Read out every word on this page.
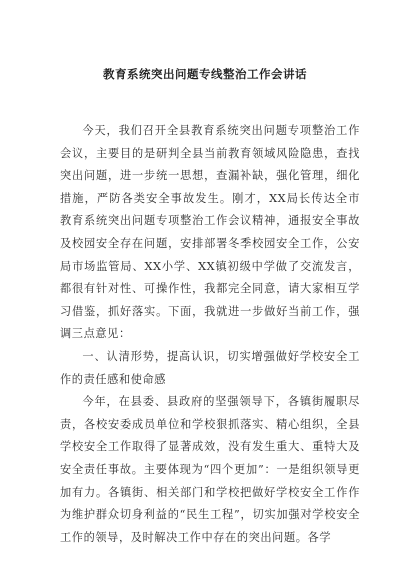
教育系统突出问题专线整治工作会讲话

今天，我们召开全县教育系统突出问题专项整治工作会议，主要目的是研判全县当前教育领域风险隐患，查找突出问题，进一步统一思想，查漏补缺，强化管理，细化措施，严防各类安全事故发生。刚才，XX局长传达全市教育系统突出问题专项整治工作会议精神，通报安全事故及校园安全存在问题，安排部署冬季校园安全工作，公安局市场监管局、XX小学、XX镇初级中学做了交流发言，都很有针对性、可操作性，我都完全同意，请大家相互学习借鉴，抓好落实。下面，我就进一步做好当前工作，强调三点意见：

一、认清形势，提高认识，切实增强做好学校安全工作的责任感和使命感

今年，在县委、县政府的坚强领导下，各镇街履职尽责，各校安委成员单位和学校狠抓落实、精心组织，全县学校安全工作取得了显著成效，没有发生重大、重特大及安全责任事故。主要体现为“四个更加”：一是组织领导更加有力。各镇街、相关部门和学校把做好学校安全工作作为维护群众切身利益的“民生工程”，切实加强对学校安全工作的领导，及时解决工作中存在的突出问题。各学
